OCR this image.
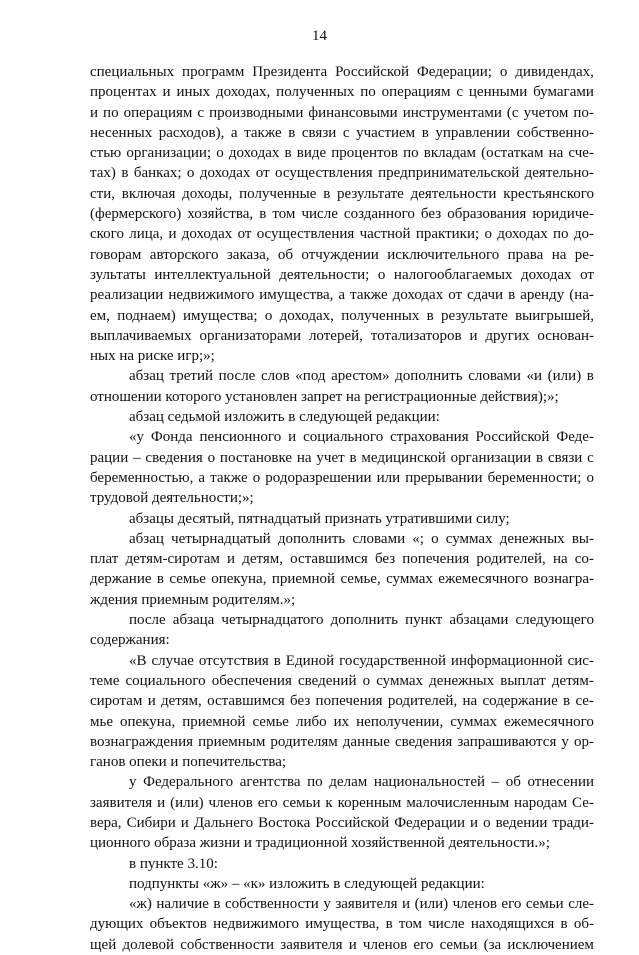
14
специальных программ Президента Российской Федерации; о дивидендах,
процентах и иных доходах, полученных по операциям с ценными бумагами
и по операциям с производными финансовыми инструментами (с учетом по-
несенных расходов), а также в связи с участием в управлении собственно-
стью организации; о доходах в виде процентов по вкладам (остаткам на сче-
тах) в банках; о доходах от осуществления предпринимательской деятельно-
сти, включая доходы, полученные в результате деятельности крестьянского
(фермерского) хозяйства, в том числе созданного без образования юридиче-
ского лица, и доходах от осуществления частной практики; о доходах по до-
говорам авторского заказа, об отчуждении исключительного права на ре-
зультаты интеллектуальной деятельности; о налогооблагаемых доходах от
реализации недвижимого имущества, а также доходах от сдачи в аренду (на-
ем, поднаем) имущества; о доходах, полученных в результате выигрышей,
выплачиваемых организаторами лотерей, тотализаторов и других основан-
ных на риске игр;»;
абзац третий после слов «под арестом» дополнить словами «и (или) в
отношении которого установлен запрет на регистрационные действия);»;
абзац седьмой изложить в следующей редакции:
«у Фонда пенсионного и социального страхования Российской Феде-
рации – сведения о постановке на учет в медицинской организации в связи с
беременностью, а также о родоразрешении или прерывании беременности; о
трудовой деятельности;»;
абзацы десятый, пятнадцатый признать утратившими силу;
абзац четырнадцатый дополнить словами «; о суммах денежных вы-
плат детям-сиротам и детям, оставшимся без попечения родителей, на со-
держание в семье опекуна, приемной семье, суммах ежемесячного вознагра-
ждения приемным родителям.»;
после абзаца четырнадцатого дополнить пункт абзацами следующего
содержания:
«В случае отсутствия в Единой государственной информационной сис-
теме социального обеспечения сведений о суммах денежных выплат детям-
сиротам и детям, оставшимся без попечения родителей, на содержание в се-
мье опекуна, приемной семье либо их неполучении, суммах ежемесячного
вознаграждения приемным родителям данные сведения запрашиваются у ор-
ганов опеки и попечительства;
у Федерального агентства по делам национальностей – об отнесении
заявителя и (или) членов его семьи к коренным малочисленным народам Се-
вера, Сибири и Дальнего Востока Российской Федерации и о ведении тради-
ционного образа жизни и традиционной хозяйственной деятельности.»;
в пункте 3.10:
подпункты «ж» – «к» изложить в следующей редакции:
«ж) наличие в собственности у заявителя и (или) членов его семьи сле-
дующих объектов недвижимого имущества, в том числе находящихся в об-
щей долевой собственности заявителя и членов его семьи (за исключением
